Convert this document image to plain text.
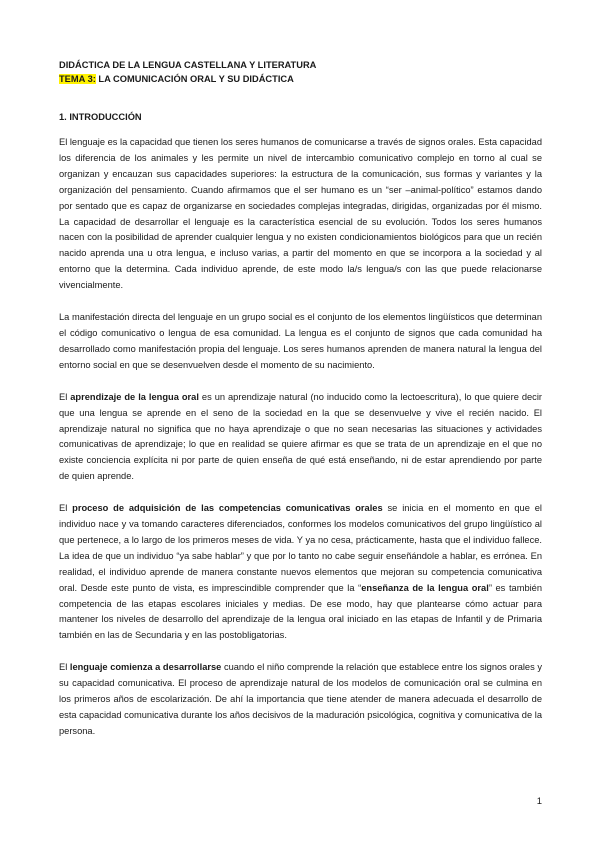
DIDÁCTICA DE LA LENGUA CASTELLANA Y LITERATURA
TEMA 3: LA COMUNICACIÓN ORAL Y SU DIDÁCTICA
1. INTRODUCCIÓN

El lenguaje es la capacidad que tienen los seres humanos de comunicarse a través de signos orales. Esta capacidad los diferencia de los animales y les permite un nivel de intercambio comunicativo complejo en torno al cual se organizan y encauzan sus capacidades superiores: la estructura de la comunicación, sus formas y variantes y la organización del pensamiento. Cuando afirmamos que el ser humano es un “ser –animal-político” estamos dando por sentado que es capaz de organizarse en sociedades complejas integradas, dirigidas, organizadas por él mismo. La capacidad de desarrollar el lenguaje es la característica esencial de su evolución. Todos los seres humanos nacen con la posibilidad de aprender cualquier lengua y no existen condicionamientos biológicos para que un recién nacido aprenda una u otra lengua, e incluso varias, a partir del momento en que se incorpora a la sociedad y al entorno que la determina. Cada individuo aprende, de este modo la/s lengua/s con las que puede relacionarse vivencialmente.

La manifestación directa del lenguaje en un grupo social es el conjunto de los elementos lingüísticos que determinan el código comunicativo o lengua de esa comunidad. La lengua es el conjunto de signos que cada comunidad ha desarrollado como manifestación propia del lenguaje. Los seres humanos aprenden de manera natural la lengua del entorno social en que se desenvuelven desde el momento de su nacimiento.

El aprendizaje de la lengua oral es un aprendizaje natural (no inducido como la lectoescritura), lo que quiere decir que una lengua se aprende en el seno de la sociedad en la que se desenvuelve y vive el recién nacido. El aprendizaje natural no significa que no haya aprendizaje o que no sean necesarias las situaciones y actividades comunicativas de aprendizaje; lo que en realidad se quiere afirmar es que se trata de un aprendizaje en el que no existe conciencia explícita ni por parte de quien enseña de qué está enseñando, ni de estar aprendiendo por parte de quien aprende.

El proceso de adquisición de las competencias comunicativas orales se inicia en el momento en que el individuo nace y va tomando caracteres diferenciados, conformes los modelos comunicativos del grupo lingüístico al que pertenece, a lo largo de los primeros meses de vida. Y ya no cesa, prácticamente, hasta que el individuo fallece. La idea de que un individuo “ya sabe hablar” y que por lo tanto no cabe seguir enseñándole a hablar, es errónea. En realidad, el individuo aprende de manera constante nuevos elementos que mejoran su competencia comunicativa oral. Desde este punto de vista, es imprescindible comprender que la “enseñanza de la lengua oral” es también competencia de las etapas escolares iniciales y medias. De ese modo, hay que plantearse cómo actuar para mantener los niveles de desarrollo del aprendizaje de la lengua oral iniciado en las etapas de Infantil y de Primaria también en las de Secundaria y en las postobligatorias.

El lenguaje comienza a desarrollarse cuando el niño comprende la relación que establece entre los signos orales y su capacidad comunicativa. El proceso de aprendizaje natural de los modelos de comunicación oral se culmina en los primeros años de escolarización. De ahí la importancia que tiene atender de manera adecuada el desarrollo de esta capacidad comunicativa durante los años decisivos de la maduración psicológica, cognitiva y comunicativa de la persona.

1
